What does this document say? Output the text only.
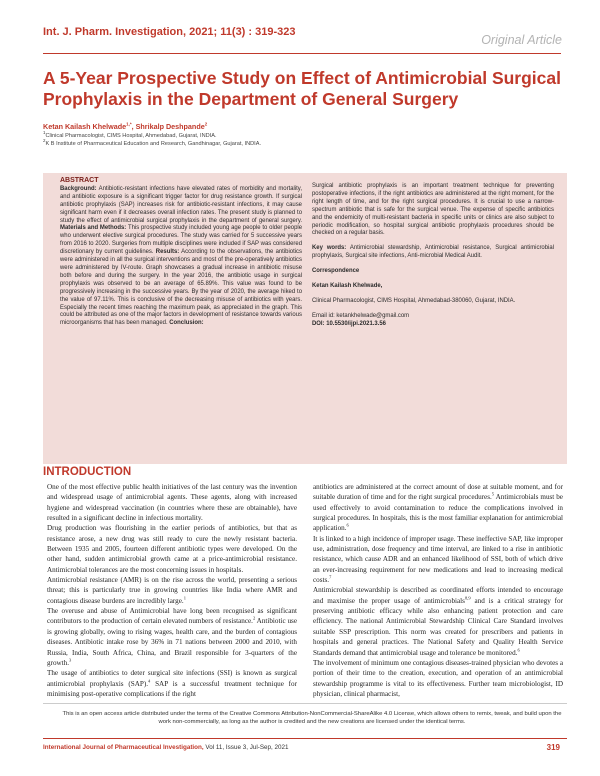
Int. J. Pharm. Investigation, 2021; 11(3) : 319-323
Original Article
A 5-Year Prospective Study on Effect of Antimicrobial Surgical Prophylaxis in the Department of General Surgery
Ketan Kailash Khelwade$^{1,*}$, Shrikalp Deshpande$^2$
$^1$Clinical Pharmacologist, CIMS Hospital, Ahmedabad, Gujarat, INDIA.
$^2$K B Institute of Pharmaceutical Education and Research, Gandhinagar, Gujarat, INDIA.
ABSTRACT
Background: Antibiotic-resistant infections have elevated rates of morbidity and mortality, and antibiotic exposure is a significant trigger factor for drug resistance growth. If surgical antibiotic prophylaxis (SAP) increases risk for antibiotic-resistant infections, it may cause significant harm even if it decreases overall infection rates. The present study is planned to study the effect of antimicrobial surgical prophylaxis in the department of general surgery. Materials and Methods: This prospective study included young age people to older people who underwent elective surgical procedures. The study was carried for 5 successive years from 2016 to 2020. Surgeries from multiple disciplines were included if SAP was considered discretionary by current guidelines. Results: According to the observations, the antibiotics were administered in all the surgical interventions and most of the pre-operatively antibiotics were administered by IV-route. Graph showcases a gradual increase in antibiotic misuse both before and during the surgery. In the year 2016, the antibiotic usage in surgical prophylaxis was observed to be an average of 65.89%. This value was found to be progressively increasing in the successive years. By the year of 2020, the average hiked to the value of 97.11%. This is conclusive of the decreasing misuse of antibiotics with years. Especially the recent times reaching the maximum peak, as appreciated in the graph. This could be attributed as one of the major factors in development of resistance towards various microorganisms that has been managed. Conclusion:
Surgical antibiotic prophylaxis is an important treatment technique for preventing postoperative infections, if the right antibiotics are administered at the right moment, for the right length of time, and for the right surgical procedures. It is crucial to use a narrow-spectrum antibiotic that is safe for the surgical venue. The expense of specific antibiotics and the endemicity of multi-resistant bacteria in specific units or clinics are also subject to periodic modification, so hospital surgical antibiotic prophylaxis procedures should be checked on a regular basis.
Key words: Antimicrobial stewardship, Antimicrobial resistance, Surgical antimicrobial prophylaxis, Surgical site infections, Anti-microbial Medical Audit.
Correspondence
Ketan Kailash Khelwade,
Clinical Pharmacologist, CIMS Hospital, Ahmedabad-380060, Gujarat, INDIA.
Email id: ketankhelwade@gmail.com
DOI: 10.5530/ijpi.2021.3.56
INTRODUCTION

One of the most effective public health initiatives of the last century was the invention and widespread usage of antimicrobial agents. These agents, along with increased hygiene and widespread vaccination (in countries where these are obtainable), have resulted in a significant decline in infectious mortality.

Drug production was flourishing in the earlier periods of antibiotics, but that as resistance arose, a new drug was still ready to cure the newly resistant bacteria. Between 1935 and 2005, fourteen different antibiotic types were developed. On the other hand, sudden antimicrobial growth came at a price-antimicrobial resistance. Antimicrobial tolerances are the most concerning issues in hospitals.

Antimicrobial resistance (AMR) is on the rise across the world, presenting a serious threat; this is particularly true in growing countries like India where AMR and contagious disease burdens are incredibly large.$^1$

The overuse and abuse of Antimicrobial have long been recognised as significant contributors to the production of certain elevated numbers of resistance.$^2$ Antibiotic use is growing globally, owing to rising wages, health care, and the burden of contagious diseases. Antibiotic intake rose by 36% in 71 nations between 2000 and 2010, with Russia, India, South Africa, China, and Brazil responsible for 3-quarters of the growth.$^3$

The usage of antibiotics to deter surgical site infections (SSI) is known as surgical antimicrobial prophylaxis (SAP).$^4$ SAP is a successful treatment technique for minimising post-operative complications if the right

antibiotics are administered at the correct amount of dose at suitable moment, and for suitable duration of time and for the right surgical procedures.$^5$ Antimicrobials must be used effectively to avoid contamination to reduce the complications involved in surgical procedures. In hospitals, this is the most familiar explanation for antimicrobial application.$^6$

It is linked to a high incidence of improper usage. These ineffective SAP, like improper use, administration, dose frequency and time interval, are linked to a rise in antibiotic resistance, which cause ADR and an enhanced likelihood of SSI, both of which drive an ever-increasing requirement for new medications and lead to increasing medical costs.$^7$

Antimicrobial stewardship is described as coordinated efforts intended to encourage and maximise the proper usage of antimicrobials$^{8,9}$ and is a critical strategy for preserving antibiotic efficacy while also enhancing patient protection and care efficiency. The national Antimicrobial Stewardship Clinical Care Standard involves suitable SSP prescription. This norm was created for prescribers and patients in hospitals and general practices. The National Safety and Quality Health Service Standards demand that antimicrobial usage and tolerance be monitored.$^6$

The involvement of minimum one contagious diseases-trained physician who devotes a portion of their time to the creation, execution, and operation of an antimicrobial stewardship programme is vital to its effectiveness. Further team microbiologist, ID physician, clinical pharmacist,

This is an open access article distributed under the terms of the Creative Commons Attribution-NonCommercial-ShareAlike 4.0 License, which allows others to remix, tweak, and build upon the work non-commercially, as long as the author is credited and the new creations are licensed under the identical terms.
International Journal of Pharmaceutical Investigation, Vol 11, Issue 3, Jul-Sep, 2021	319
